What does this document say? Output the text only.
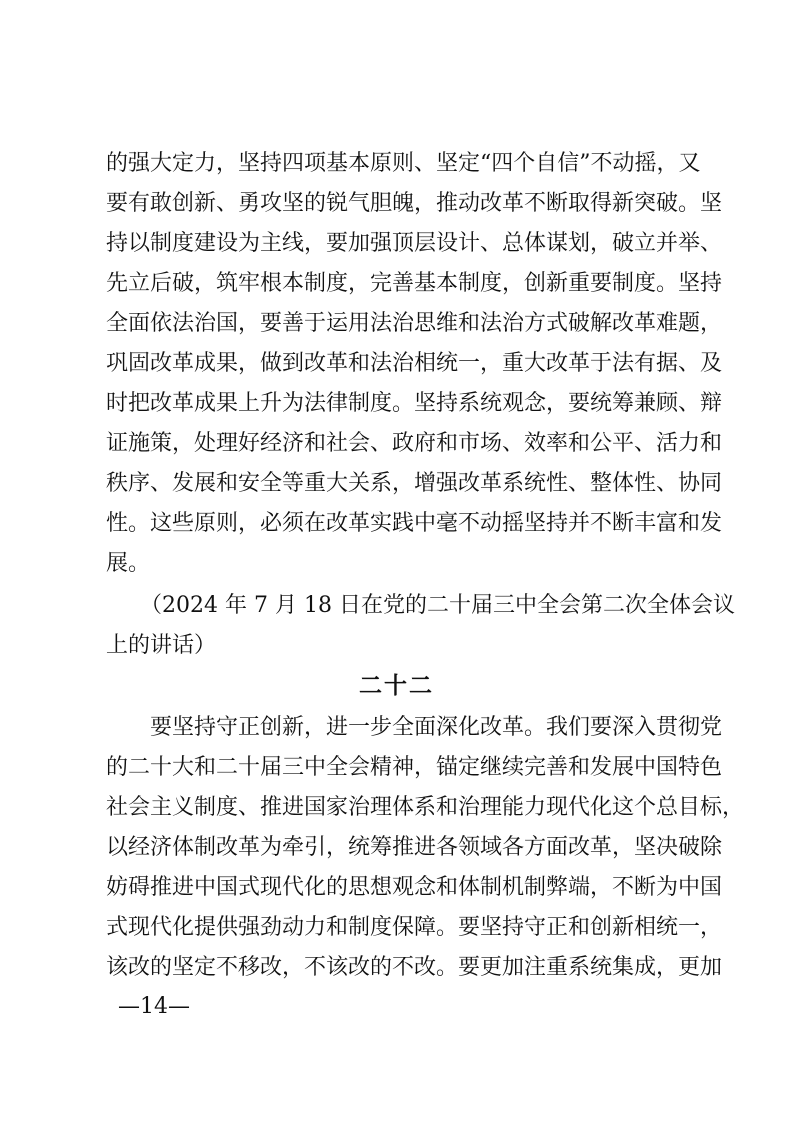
的强大定力，坚持四项基本原则、坚定“四个自信”不动摇，又
要有敢创新、勇攻坚的锐气胆魄，推动改革不断取得新突破。坚
持以制度建设为主线，要加强顶层设计、总体谋划，破立并举、
先立后破，筑牢根本制度，完善基本制度，创新重要制度。坚持
全面依法治国，要善于运用法治思维和法治方式破解改革难题，
巩固改革成果，做到改革和法治相统一，重大改革于法有据、及
时把改革成果上升为法律制度。坚持系统观念，要统筹兼顾、辩
证施策，处理好经济和社会、政府和市场、效率和公平、活力和
秩序、发展和安全等重大关系，增强改革系统性、整体性、协同
性。这些原则，必须在改革实践中毫不动摇坚持并不断丰富和发
展。
（2024 年 7 月 18 日在党的二十届三中全会第二次全体会议
上的讲话）
二十二
要坚持守正创新，进一步全面深化改革。我们要深入贯彻党
的二十大和二十届三中全会精神，锚定继续完善和发展中国特色
社会主义制度、推进国家治理体系和治理能力现代化这个总目标，
以经济体制改革为牵引，统筹推进各领域各方面改革，坚决破除
妨碍推进中国式现代化的思想观念和体制机制弊端，不断为中国
式现代化提供强劲动力和制度保障。要坚持守正和创新相统一，
该改的坚定不移改，不该改的不改。要更加注重系统集成，更加
—14—
